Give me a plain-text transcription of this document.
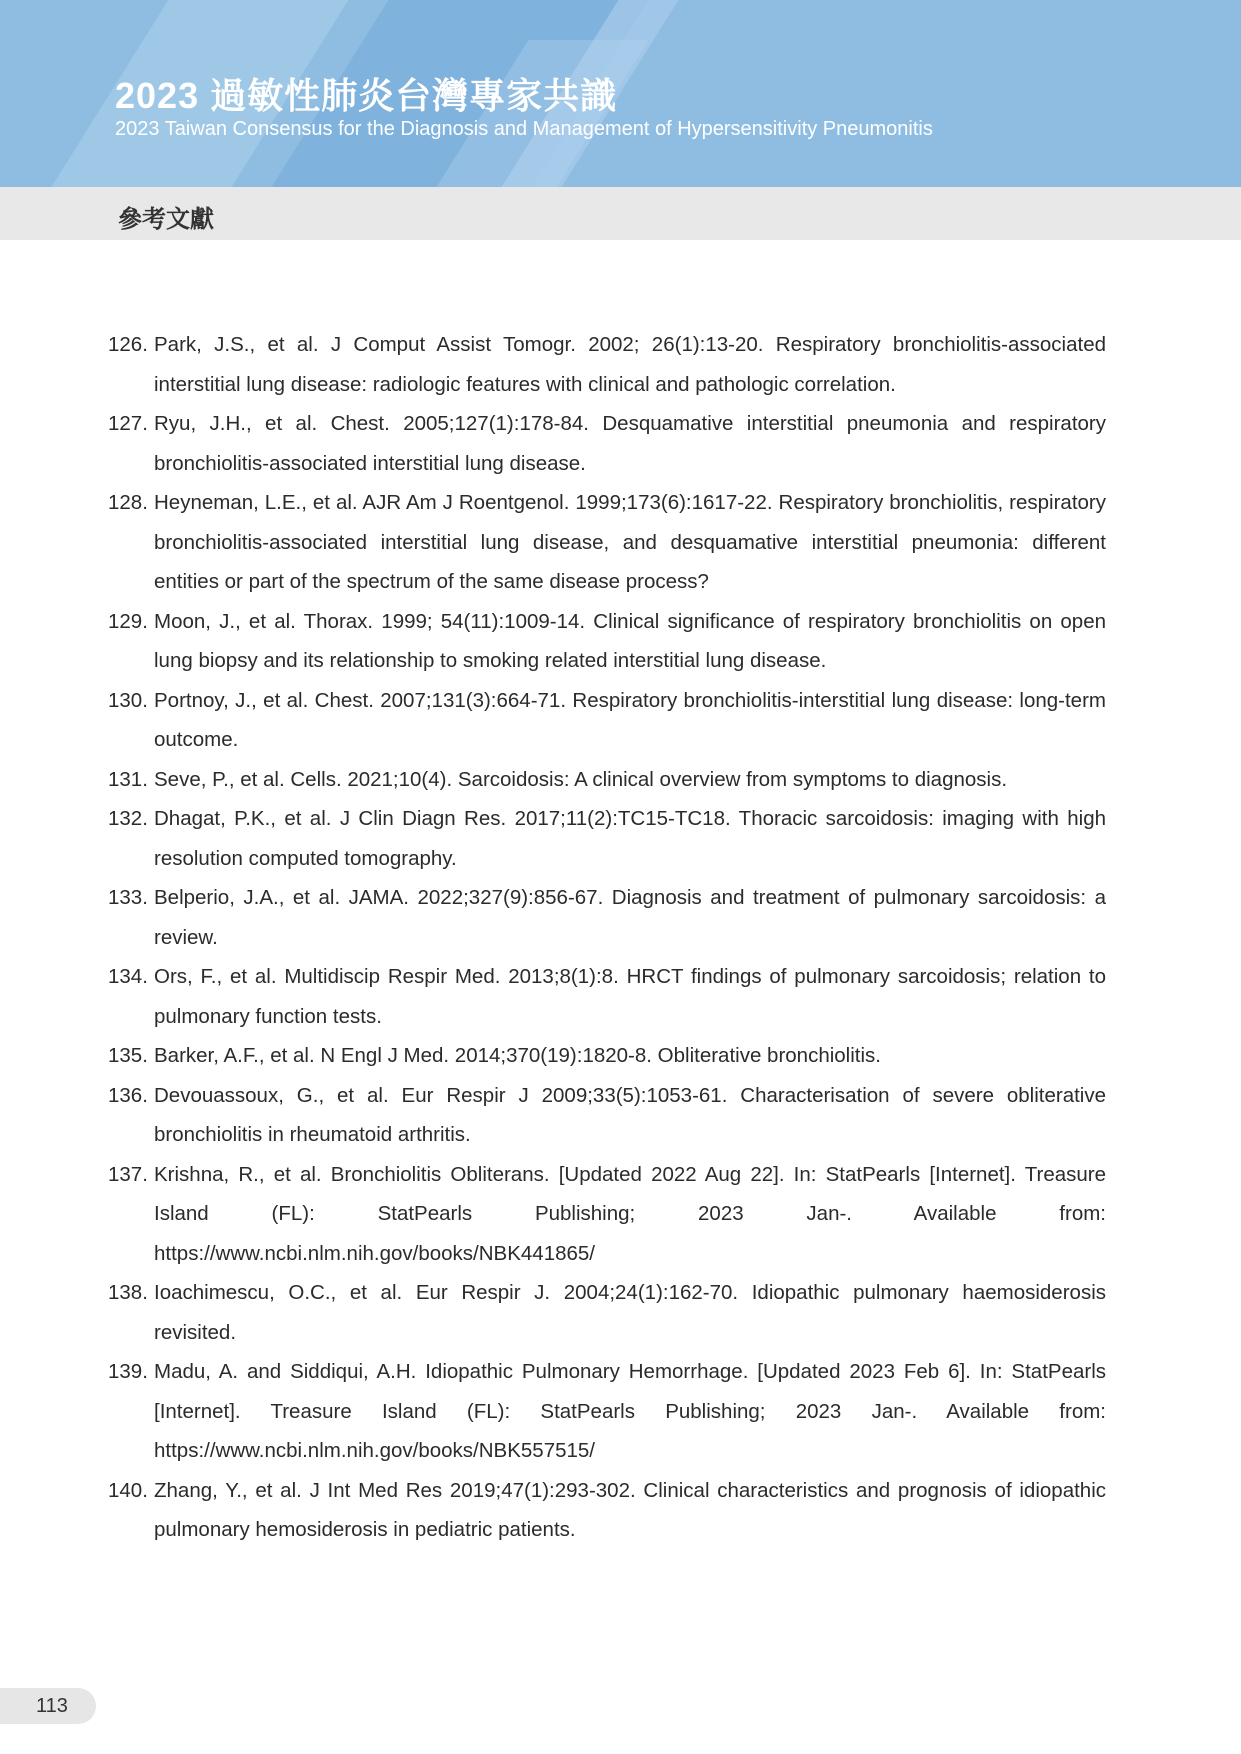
2023 過敏性肺炎台灣專家共識
2023 Taiwan Consensus for the Diagnosis and Management of Hypersensitivity Pneumonitis
參考文獻
126. Park, J.S., et al. J Comput Assist Tomogr. 2002; 26(1):13-20. Respiratory bronchiolitis-associated interstitial lung disease: radiologic features with clinical and pathologic correlation.
127. Ryu, J.H., et al. Chest. 2005;127(1):178-84. Desquamative interstitial pneumonia and respiratory bronchiolitis-associated interstitial lung disease.
128. Heyneman, L.E., et al. AJR Am J Roentgenol. 1999;173(6):1617-22. Respiratory bronchiolitis, respiratory bronchiolitis-associated interstitial lung disease, and desquamative interstitial pneumonia: different entities or part of the spectrum of the same disease process?
129. Moon, J., et al. Thorax. 1999; 54(11):1009-14. Clinical significance of respiratory bronchiolitis on open lung biopsy and its relationship to smoking related interstitial lung disease.
130. Portnoy, J., et al. Chest. 2007;131(3):664-71. Respiratory bronchiolitis-interstitial lung disease: long-term outcome.
131. Seve, P., et al. Cells. 2021;10(4). Sarcoidosis: A clinical overview from symptoms to diagnosis.
132. Dhagat, P.K., et al. J Clin Diagn Res. 2017;11(2):TC15-TC18. Thoracic sarcoidosis: imaging with high resolution computed tomography.
133. Belperio, J.A., et al. JAMA. 2022;327(9):856-67. Diagnosis and treatment of pulmonary sarcoidosis: a review.
134. Ors, F., et al. Multidiscip Respir Med. 2013;8(1):8. HRCT findings of pulmonary sarcoidosis; relation to pulmonary function tests.
135. Barker, A.F., et al. N Engl J Med. 2014;370(19):1820-8. Obliterative bronchiolitis.
136. Devouassoux, G., et al. Eur Respir J 2009;33(5):1053-61. Characterisation of severe obliterative bronchiolitis in rheumatoid arthritis.
137. Krishna, R., et al. Bronchiolitis Obliterans. [Updated 2022 Aug 22]. In: StatPearls [Internet]. Treasure Island (FL): StatPearls Publishing; 2023 Jan-. Available from: https://www.ncbi.nlm.nih.gov/books/NBK441865/
138. Ioachimescu, O.C., et al. Eur Respir J. 2004;24(1):162-70. Idiopathic pulmonary haemosiderosis revisited.
139. Madu, A. and Siddiqui, A.H. Idiopathic Pulmonary Hemorrhage. [Updated 2023 Feb 6]. In: StatPearls [Internet]. Treasure Island (FL): StatPearls Publishing; 2023 Jan-. Available from: https://www.ncbi.nlm.nih.gov/books/NBK557515/
140. Zhang, Y., et al. J Int Med Res 2019;47(1):293-302. Clinical characteristics and prognosis of idiopathic pulmonary hemosiderosis in pediatric patients.
113
